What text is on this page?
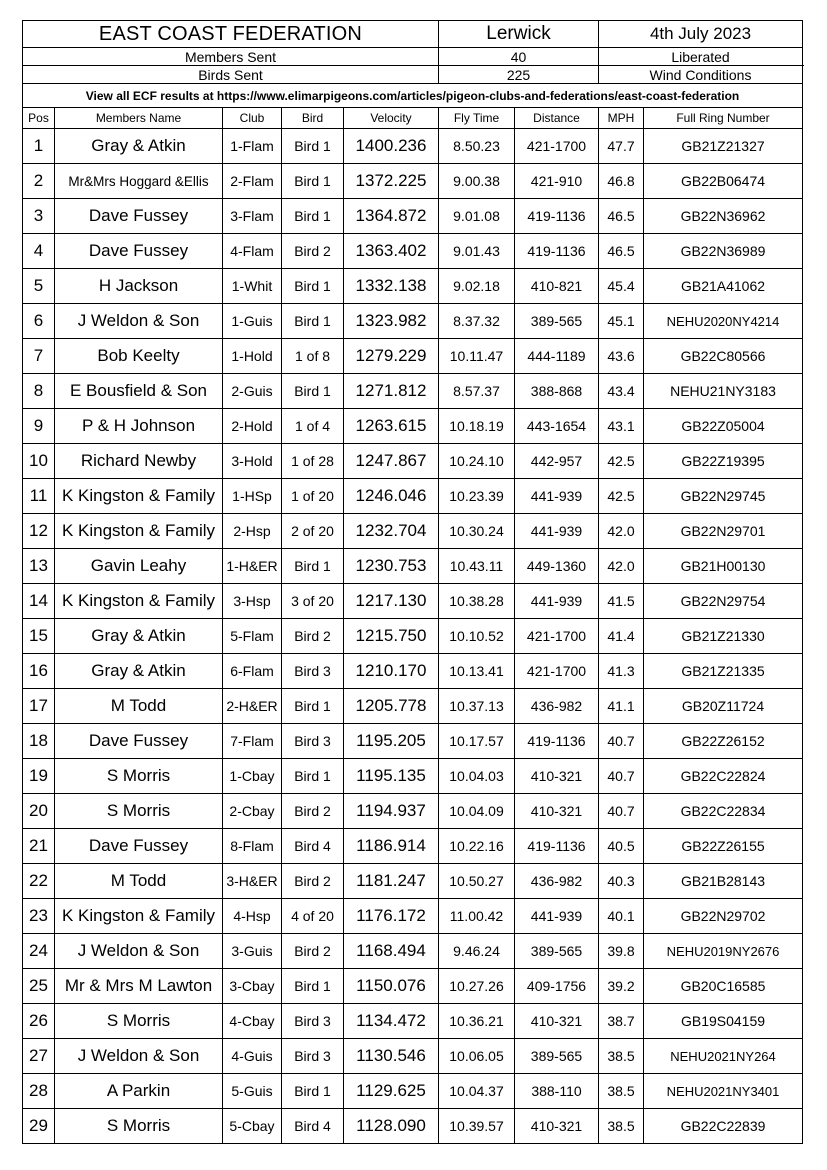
EAST COAST FEDERATION					Lerwick		4th July 2023		
Members Sent					40		Liberated	
Birds Sent					225		Wind Conditions	
View all ECF results at https://www.elimarpigeons.com/articles/pigeon-clubs-and-federations/east-coast-federation									
Pos	Members Name	Club	Bird	Velocity	Fly Time	Distance	MPH	Full Ring Number	
1	Gray & Atkin	1-Flam	Bird 1	1400.236	8.50.23	421-1700	47.7	GB21Z21327	
2	Mr&Mrs Hoggard &Ellis	2-Flam	Bird 1	1372.225	9.00.38	421-910	46.8	GB22B06474	
3	Dave Fussey	3-Flam	Bird 1	1364.872	9.01.08	419-1136	46.5	GB22N36962	
4	Dave Fussey	4-Flam	Bird 2	1363.402	9.01.43	419-1136	46.5	GB22N36989	
5	H Jackson	1-Whit	Bird 1	1332.138	9.02.18	410-821	45.4	GB21A41062	
6	J Weldon & Son	1-Guis	Bird 1	1323.982	8.37.32	389-565	45.1	NEHU2020NY4214	
7	Bob Keelty	1-Hold	1 of 8	1279.229	10.11.47	444-1189	43.6	GB22C80566	
8	E Bousfield & Son	2-Guis	Bird 1	1271.812	8.57.37	388-868	43.4	NEHU21NY3183	
9	P & H Johnson	2-Hold	1 of 4	1263.615	10.18.19	443-1654	43.1	GB22Z05004	
10	Richard Newby	3-Hold	1 of 28	1247.867	10.24.10	442-957	42.5	GB22Z19395	
11	K Kingston & Family	1-HSp	1 of 20	1246.046	10.23.39	441-939	42.5	GB22N29745	
12	K Kingston & Family	2-Hsp	2 of 20	1232.704	10.30.24	441-939	42.0	GB22N29701	
13	Gavin Leahy	1-H&ER	Bird 1	1230.753	10.43.11	449-1360	42.0	GB21H00130	
14	K Kingston & Family	3-Hsp	3 of 20	1217.130	10.38.28	441-939	41.5	GB22N29754	
15	Gray & Atkin	5-Flam	Bird 2	1215.750	10.10.52	421-1700	41.4	GB21Z21330	
16	Gray & Atkin	6-Flam	Bird 3	1210.170	10.13.41	421-1700	41.3	GB21Z21335	
17	M Todd	2-H&ER	Bird 1	1205.778	10.37.13	436-982	41.1	GB20Z11724	
18	Dave Fussey	7-Flam	Bird 3	1195.205	10.17.57	419-1136	40.7	GB22Z26152	
19	S Morris	1-Cbay	Bird 1	1195.135	10.04.03	410-321	40.7	GB22C22824	
20	S Morris	2-Cbay	Bird 2	1194.937	10.04.09	410-321	40.7	GB22C22834	
21	Dave Fussey	8-Flam	Bird 4	1186.914	10.22.16	419-1136	40.5	GB22Z26155	
22	M Todd	3-H&ER	Bird 2	1181.247	10.50.27	436-982	40.3	GB21B28143	
23	K Kingston & Family	4-Hsp	4 of 20	1176.172	11.00.42	441-939	40.1	GB22N29702	
24	J Weldon & Son	3-Guis	Bird 2	1168.494	9.46.24	389-565	39.8	NEHU2019NY2676	
25	Mr & Mrs M Lawton	3-Cbay	Bird 1	1150.076	10.27.26	409-1756	39.2	GB20C16585	
26	S Morris	4-Cbay	Bird 3	1134.472	10.36.21	410-321	38.7	GB19S04159	
27	J Weldon & Son	4-Guis	Bird 3	1130.546	10.06.05	389-565	38.5	NEHU2021NY264	
28	A Parkin	5-Guis	Bird 1	1129.625	10.04.37	388-110	38.5	NEHU2021NY3401	
29	S Morris	5-Cbay	Bird 4	1128.090	10.39.57	410-321	38.5	GB22C22839	
